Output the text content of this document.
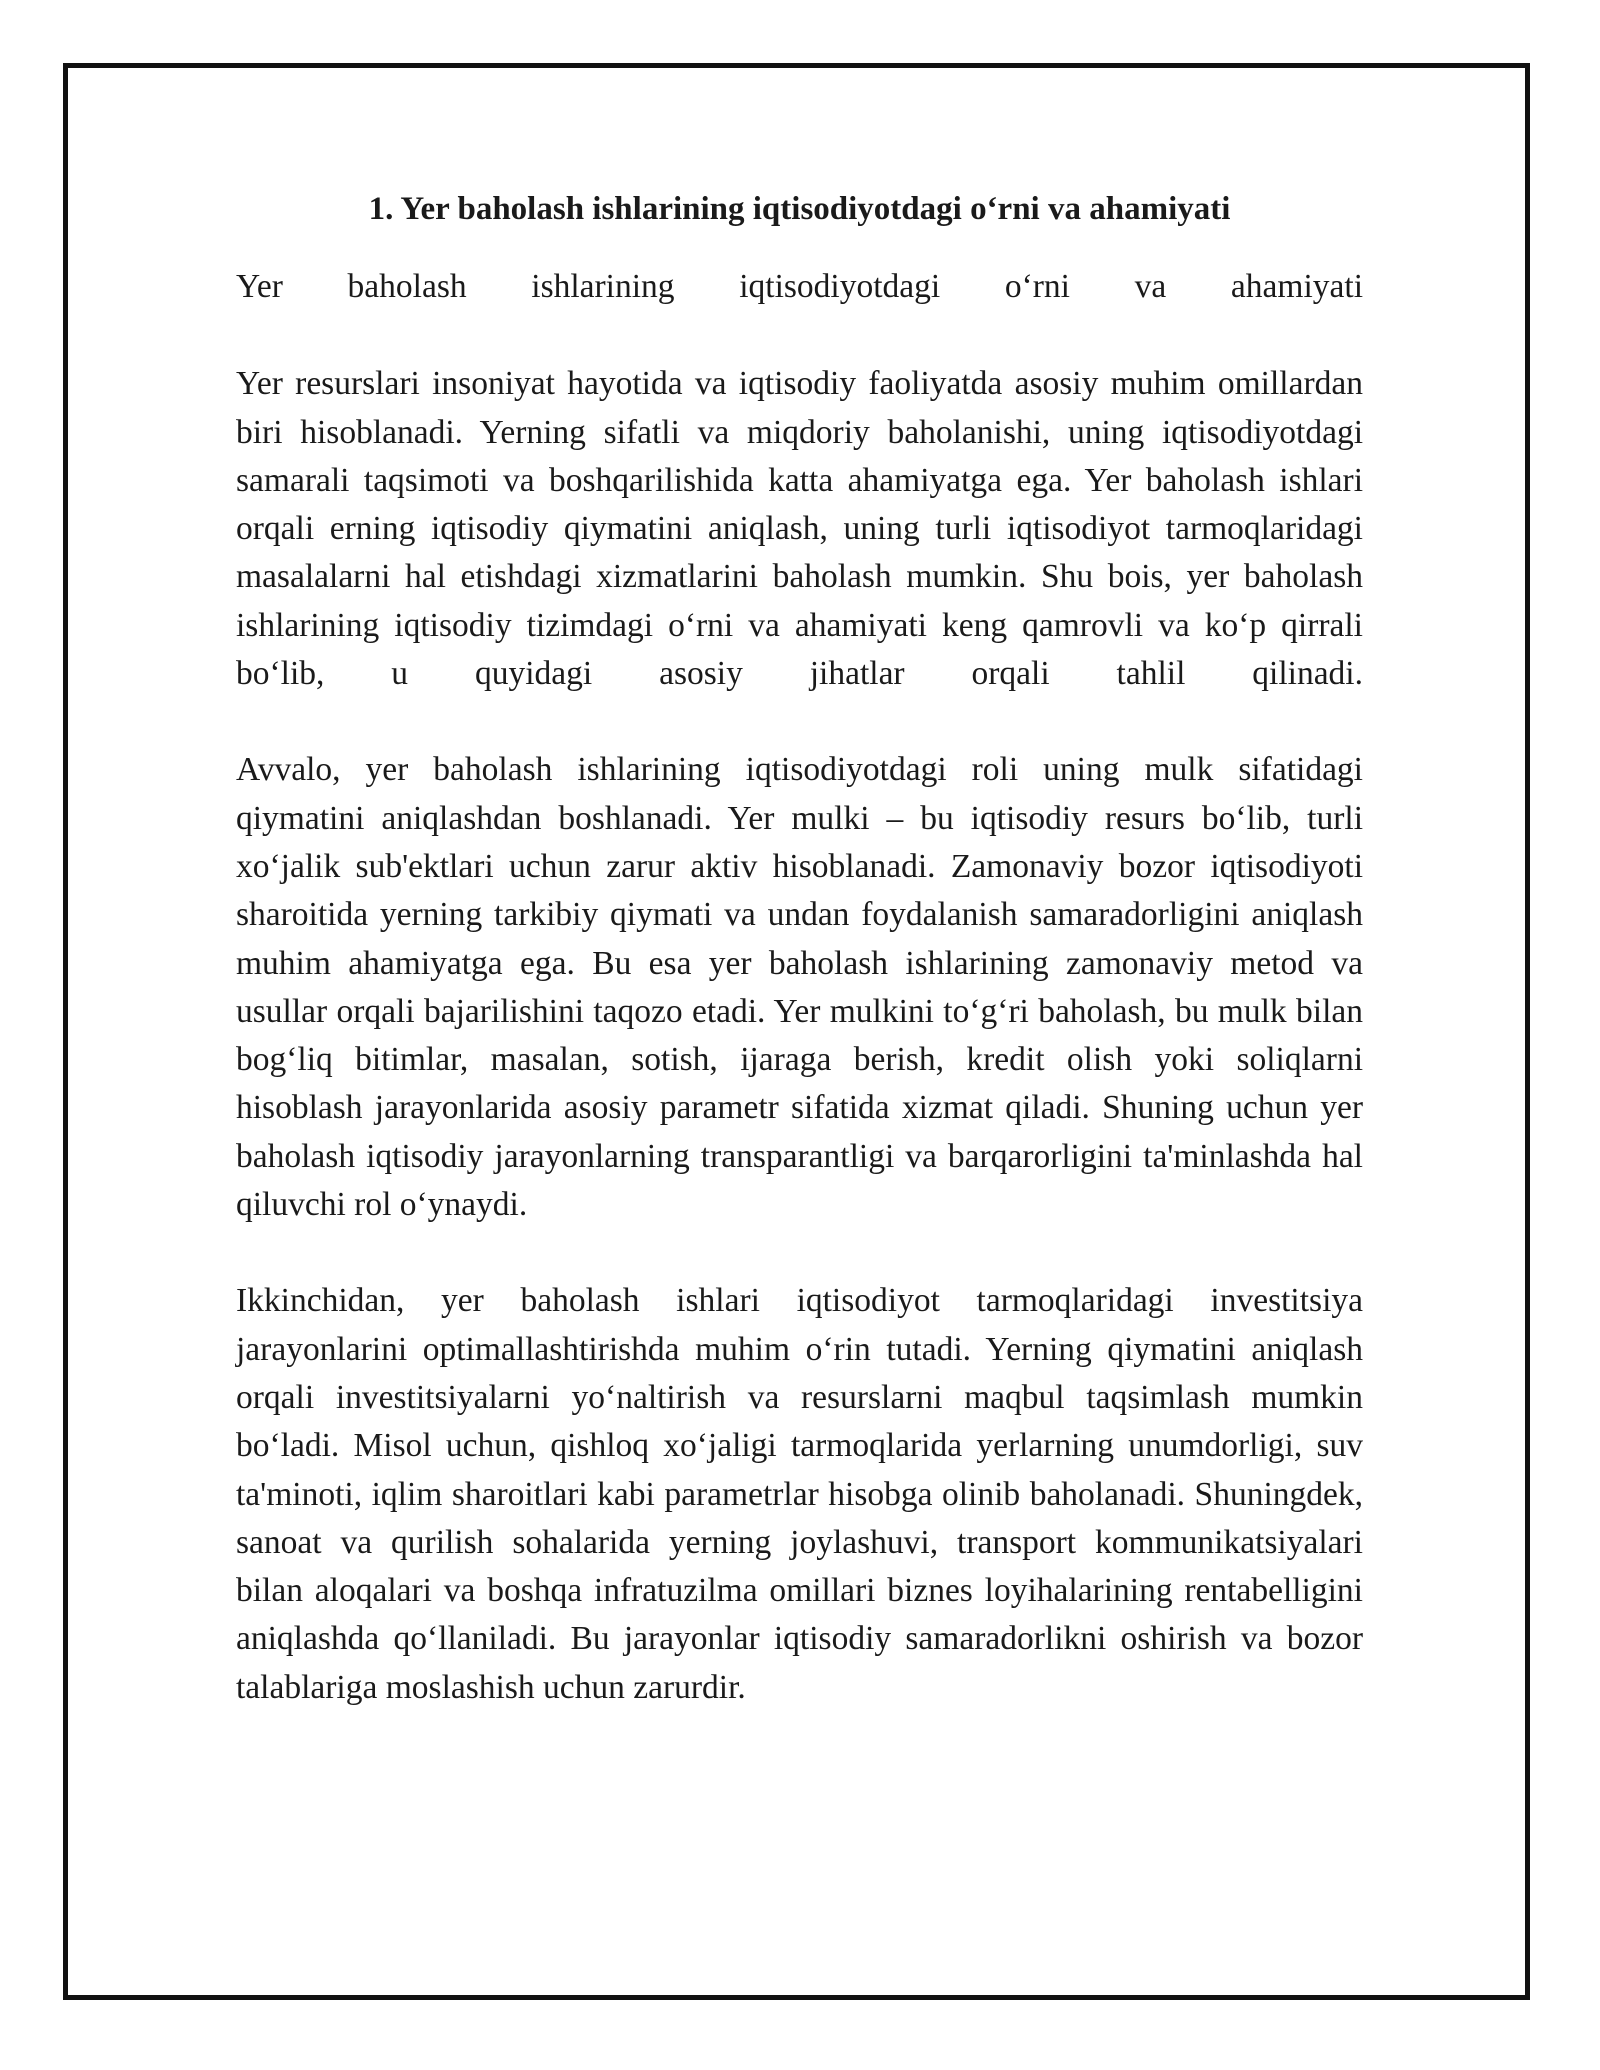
1. Yer baholash ishlarining iqtisodiyotdagi o‘rni va ahamiyati
Yer baholash ishlarining iqtisodiyotdagi o‘rni va ahamiyati
Yer resurslari insoniyat hayotida va iqtisodiy faoliyatda asosiy muhim omillardan biri hisoblanadi. Yerning sifatli va miqdoriy baholanishi, uning iqtisodiyotdagi samarali taqsimoti va boshqarilishida katta ahamiyatga ega. Yer baholash ishlari orqali erning iqtisodiy qiymatini aniqlash, uning turli iqtisodiyot tarmoqlaridagi masalalarni hal etishdagi xizmatlarini baholash mumkin. Shu bois, yer baholash ishlarining iqtisodiy tizimdagi o‘rni va ahamiyati keng qamrovli va ko‘p qirrali bo‘lib, u quyidagi asosiy jihatlar orqali tahlil qilinadi.
Avvalo, yer baholash ishlarining iqtisodiyotdagi roli uning mulk sifatidagi qiymatini aniqlashdan boshlanadi. Yer mulki – bu iqtisodiy resurs bo‘lib, turli xo‘jalik sub'ektlari uchun zarur aktiv hisoblanadi. Zamonaviy bozor iqtisodiyoti sharoitida yerning tarkibiy qiymati va undan foydalanish samaradorligini aniqlash muhim ahamiyatga ega. Bu esa yer baholash ishlarining zamonaviy metod va usullar orqali bajarilishini taqozo etadi. Yer mulkini to‘g‘ri baholash, bu mulk bilan bog‘liq bitimlar, masalan, sotish, ijaraga berish, kredit olish yoki soliqlarni hisoblash jarayonlarida asosiy parametr sifatida xizmat qiladi. Shuning uchun yer baholash iqtisodiy jarayonlarning transparantligi va barqarorligini ta'minlashda hal qiluvchi rol o‘ynaydi.
Ikkinchidan, yer baholash ishlari iqtisodiyot tarmoqlaridagi investitsiya jarayonlarini optimallashtirishda muhim o‘rin tutadi. Yerning qiymatini aniqlash orqali investitsiyalarni yo‘naltirish va resurslarni maqbul taqsimlash mumkin bo‘ladi. Misol uchun, qishloq xo‘jaligi tarmoqlarida yerlarning unumdorligi, suv ta'minoti, iqlim sharoitlari kabi parametrlar hisobga olinib baholanadi. Shuningdek, sanoat va qurilish sohalarida yerning joylashuvi, transport kommunikatsiyalari bilan aloqalari va boshqa infratuzilma omillari biznes loyihalarining rentabelligini aniqlashda qo‘llaniladi. Bu jarayonlar iqtisodiy samaradorlikni oshirish va bozor talablariga moslashish uchun zarurdir.
